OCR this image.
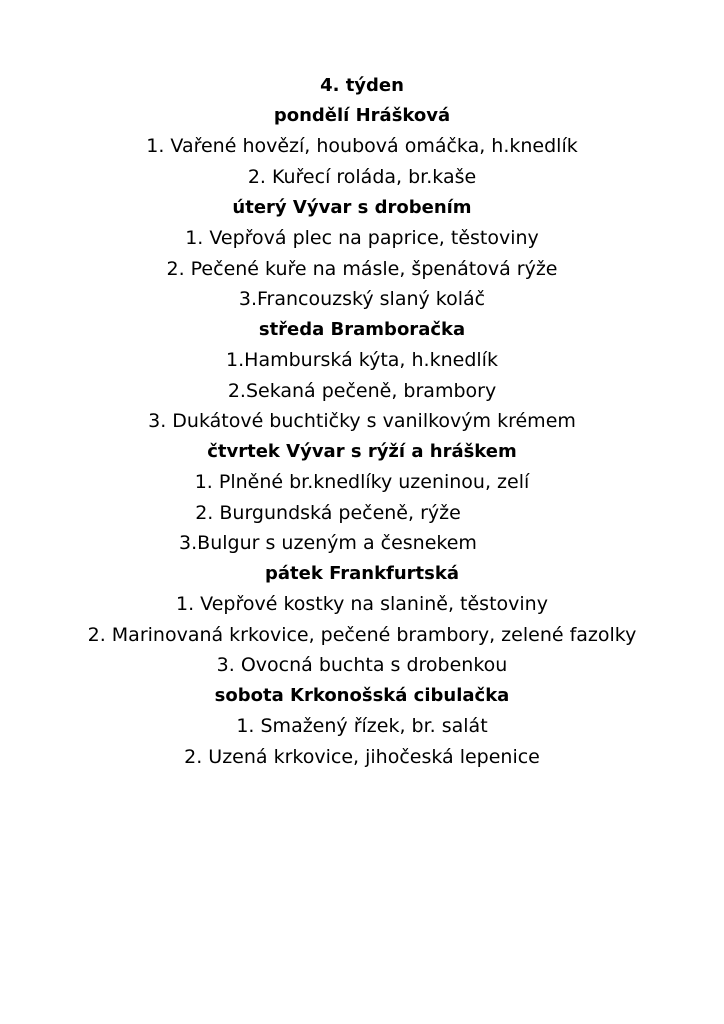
4. týden
pondělí Hrášková
1. Vařené hovězí, houbová omáčka, h.knedlík
2. Kuřecí roláda, br.kaše
úterý Vývar s drobením
1. Vepřová plec na paprice, těstoviny
2. Pečené kuře na másle, špenátová rýže
3.Francouzský slaný koláč
středa Bramboračka
1.Hamburská kýta, h.knedlík
2.Sekaná pečeně, brambory
3. Dukátové buchtičky s vanilkovým krémem
čtvrtek Vývar s rýží a hráškem
1. Plněné br.knedlíky uzeninou, zelí
2. Burgundská pečeně, rýže
3.Bulgur s uzeným a česnekem
pátek Frankfurtská
1. Vepřové kostky na slanině, těstoviny
2. Marinovaná krkovice, pečené brambory, zelené fazolky
3. Ovocná buchta s drobenkou
sobota Krkonošská cibulačka
1. Smažený řízek, br. salát
2. Uzená krkovice, jihočeská lepenice
